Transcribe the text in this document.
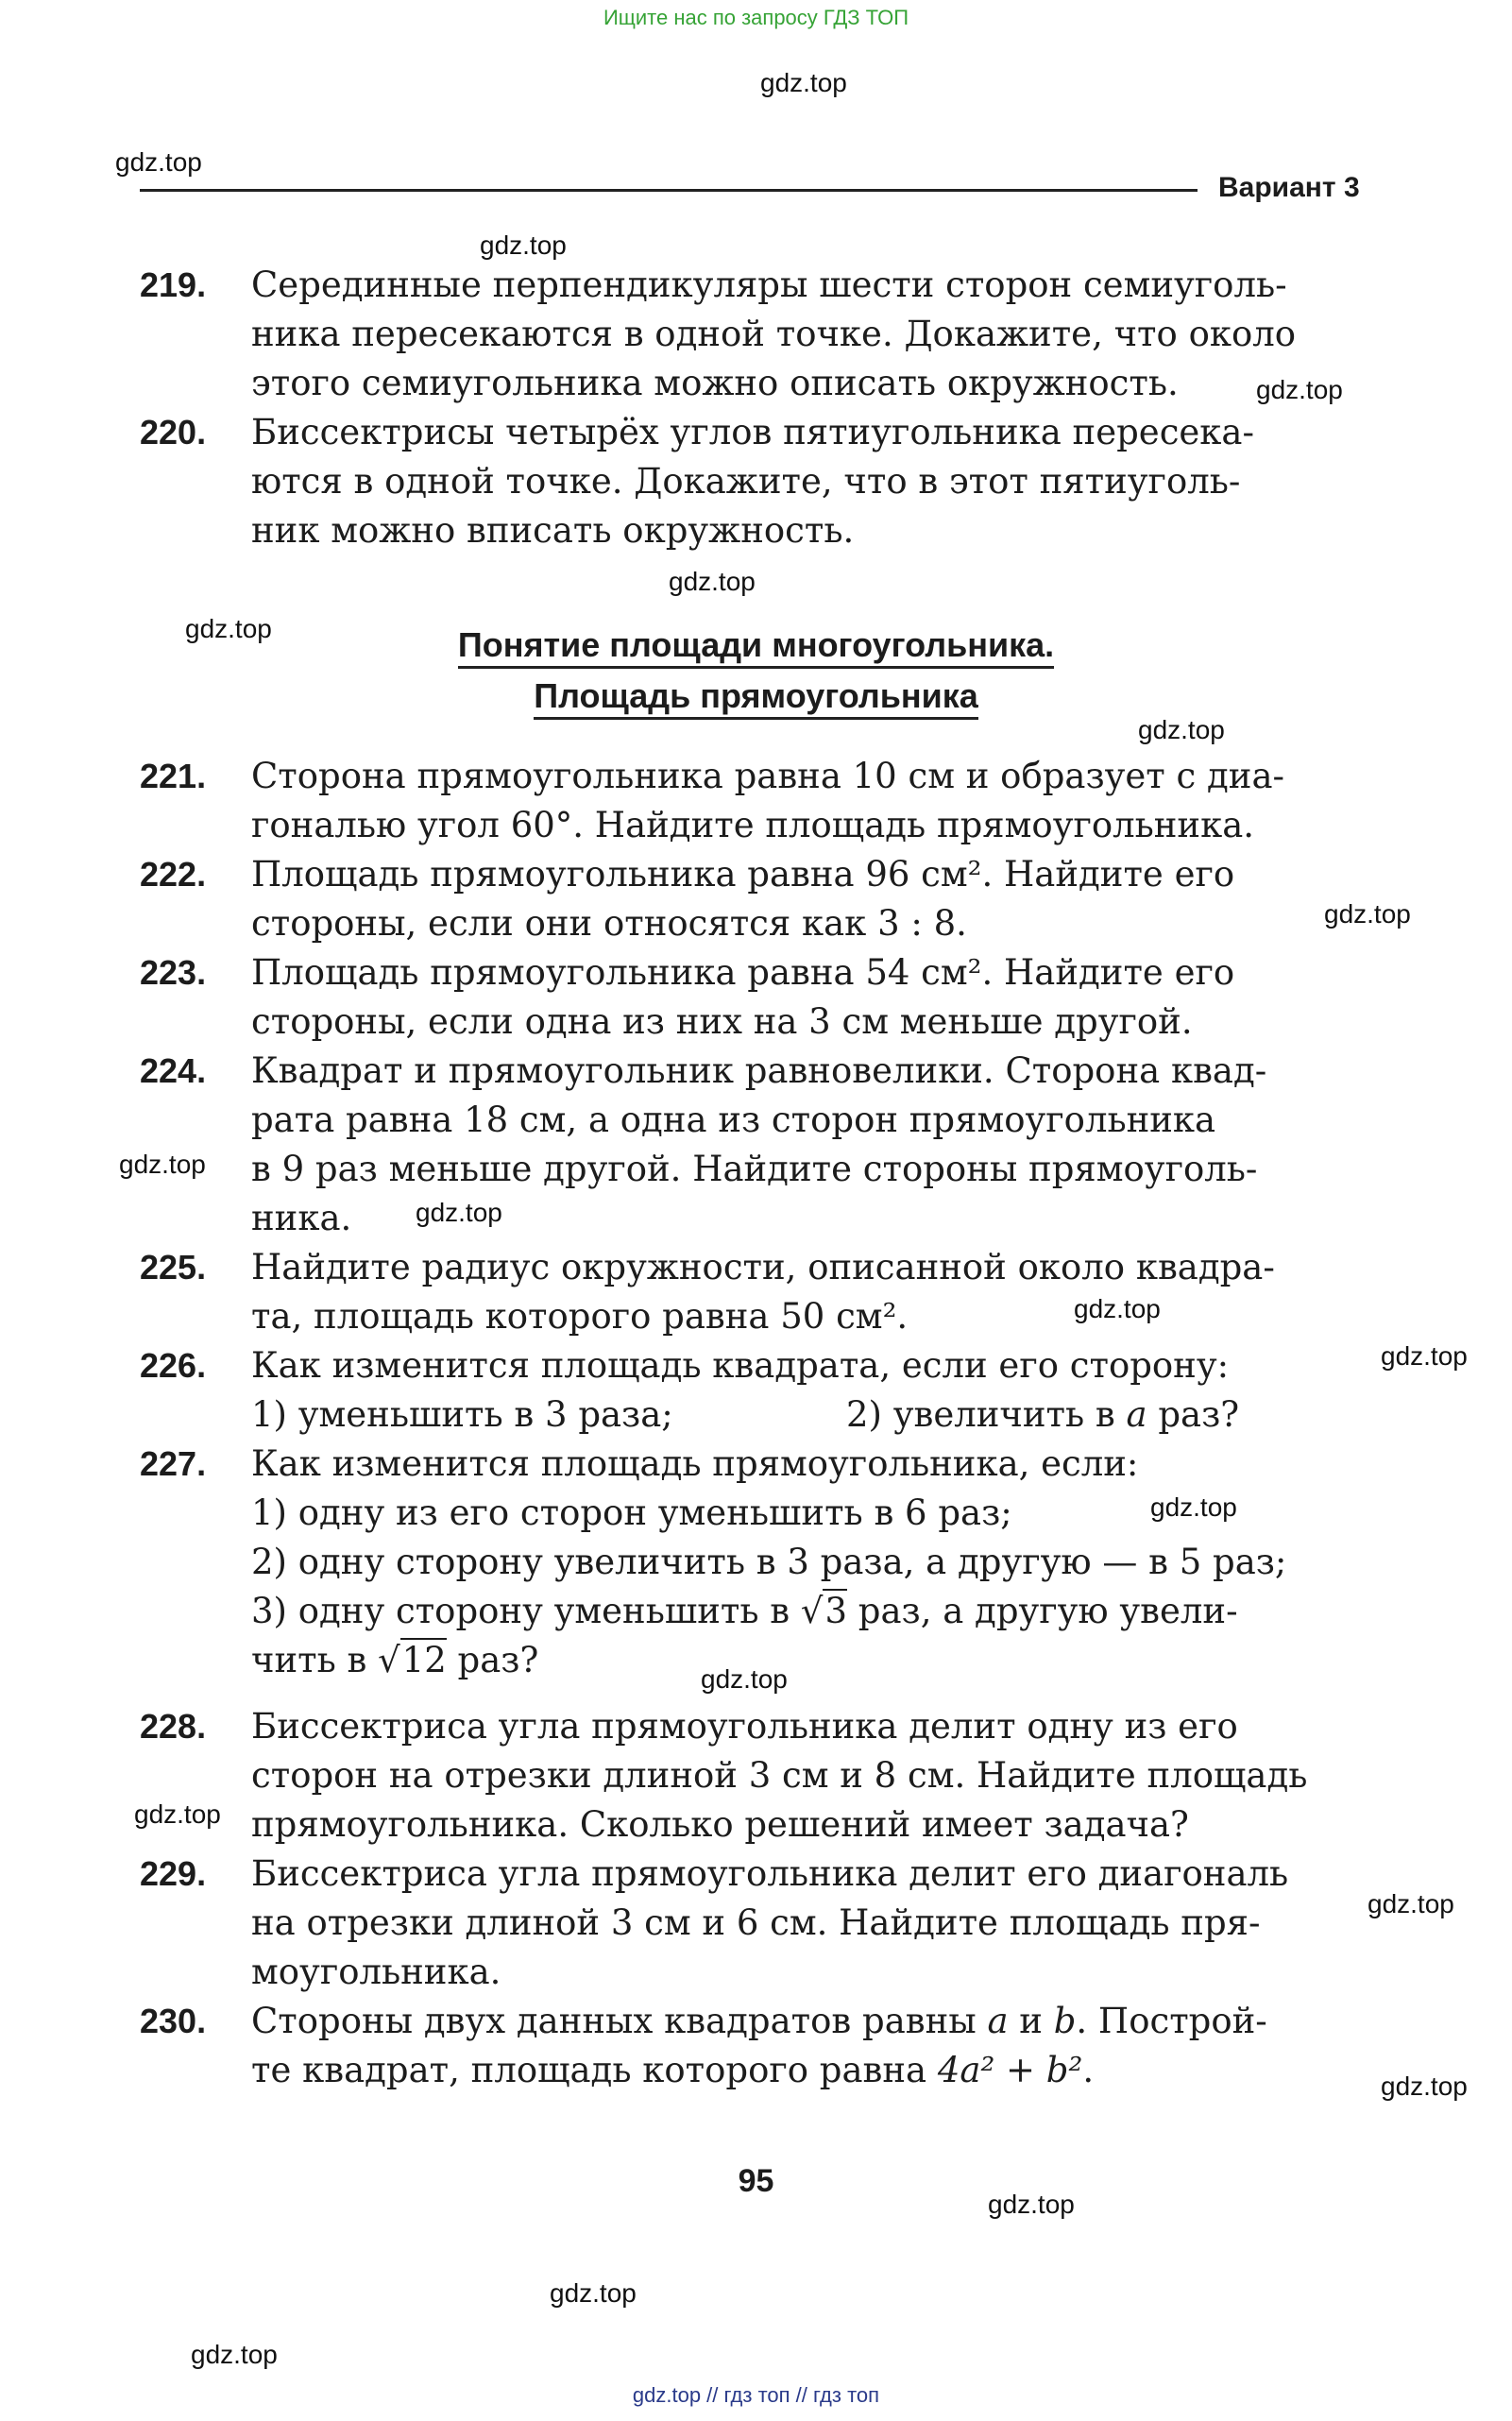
Ищите нас по запросу ГДЗ ТОП
gdz.top
gdz.top
gdz.top
gdz.top
gdz.top
gdz.top
gdz.top
gdz.top
gdz.top
gdz.top
gdz.top
gdz.top
gdz.top
gdz.top
gdz.top
gdz.top
gdz.top
gdz.top
gdz.top
gdz.top
Вариант 3
219. Серединные перпендикуляры шести сторон семиуголь-
ника пересекаются в одной точке. Докажите, что около
этого семиугольника можно описать окружность.
220. Биссектрисы четырёх углов пятиугольника пересека-
ются в одной точке. Докажите, что в этот пятиуголь-
ник можно вписать окружность.
Понятие площади многоугольника.
Площадь прямоугольника
221. Сторона прямоугольника равна 10 см и образует с диа-
гональю угол 60°. Найдите площадь прямоугольника.
222. Площадь прямоугольника равна 96 см². Найдите его
стороны, если они относятся как 3 : 8.
223. Площадь прямоугольника равна 54 см². Найдите его
стороны, если одна из них на 3 см меньше другой.
224. Квадрат и прямоугольник равновелики. Сторона квад-
рата равна 18 см, а одна из сторон прямоугольника
в 9 раз меньше другой. Найдите стороны прямоуголь-
ника.
225. Найдите радиус окружности, описанной около квадра-
та, площадь которого равна 50 см².
226. Как изменится площадь квадрата, если его сторону:
1) уменьшить в 3 раза;	2) увеличить в a раз?
227. Как изменится площадь прямоугольника, если:
1) одну из его сторон уменьшить в 6 раз;
2) одну сторону увеличить в 3 раза, а другую — в 5 раз;
3) одну сторону уменьшить в √3 раз, а другую увели-
чить в √12 раз?
228. Биссектриса угла прямоугольника делит одну из его
сторон на отрезки длиной 3 см и 8 см. Найдите площадь
прямоугольника. Сколько решений имеет задача?
229. Биссектриса угла прямоугольника делит его диагональ
на отрезки длиной 3 см и 6 см. Найдите площадь пря-
моугольника.
230. Стороны двух данных квадратов равны a и b. Построй-
те квадрат, площадь которого равна 4a² + b².
95
gdz.top // гдз топ // гдз топ
